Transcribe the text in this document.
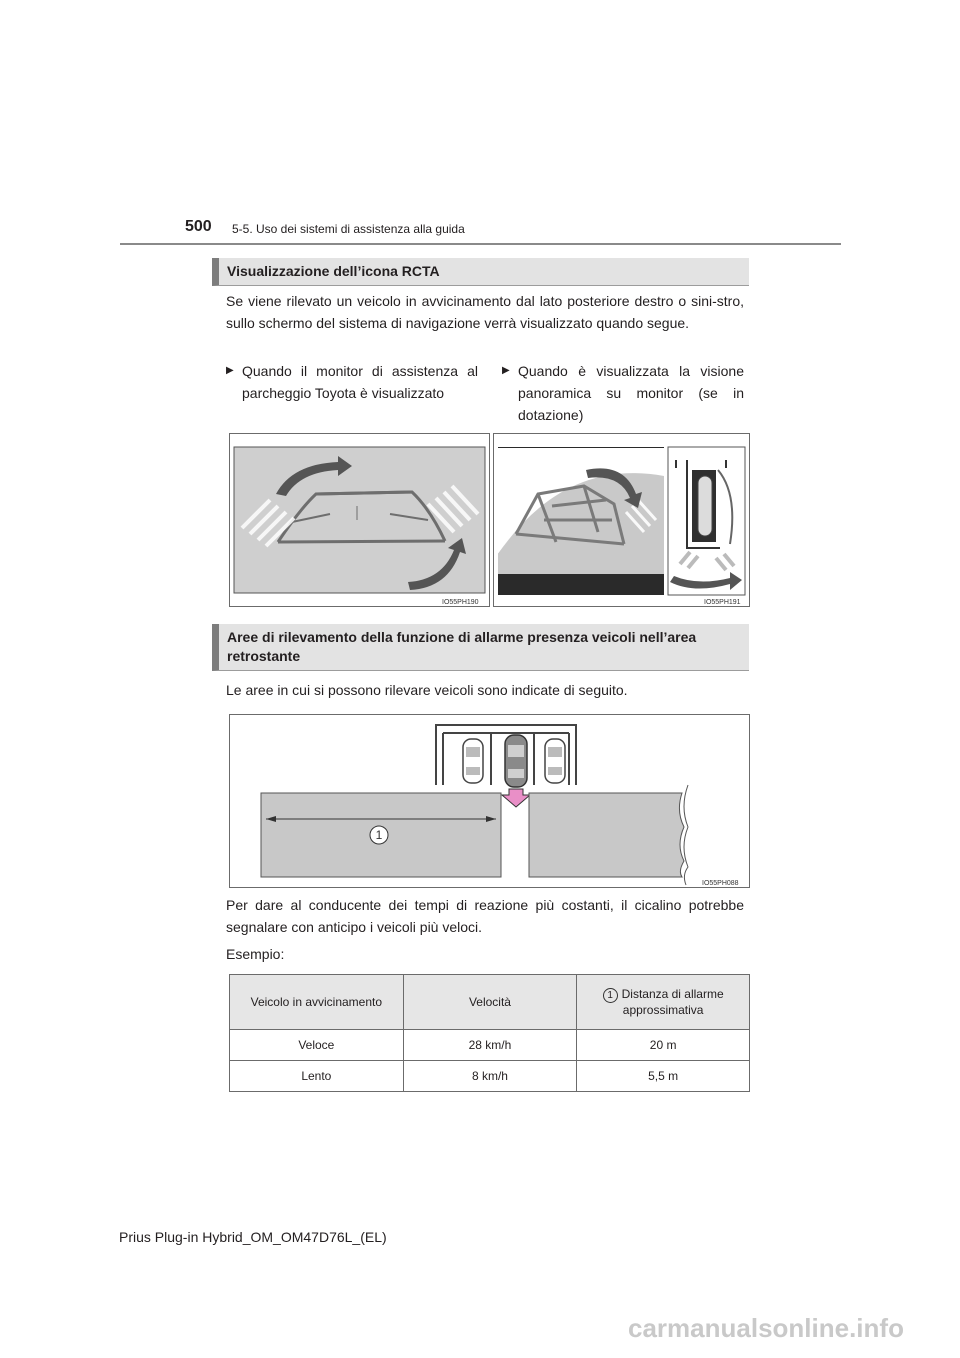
500 5-5. Uso dei sistemi di assistenza alla guida
Visualizzazione dell’icona RCTA
Se viene rilevato un veicolo in avvicinamento dal lato posteriore destro o sini-stro, sullo schermo del sistema di navigazione verrà visualizzato quando segue.
▶ Quando il monitor di assistenza al parcheggio Toyota è visualizzato
▶ Quando è visualizzata la visione panoramica su monitor (se in dotazione)
IO55PH190	IO55PH191
Aree di rilevamento della funzione di allarme presenza veicoli nell’area retrostante
Le aree in cui si possono rilevare veicoli sono indicate di seguito.
1
IO55PH088
Per dare al conducente dei tempi di reazione più costanti, il cicalino potrebbe segnalare con anticipo i veicoli più veloci.
Esempio:
Veicolo in avvicinamento	Velocità	1 Distanza di allarme approssimativa
Veloce	28 km/h	20 m
Lento	8 km/h	5,5 m
Prius Plug-in Hybrid_OM_OM47D76L_(EL)
carmanualsonline.info
